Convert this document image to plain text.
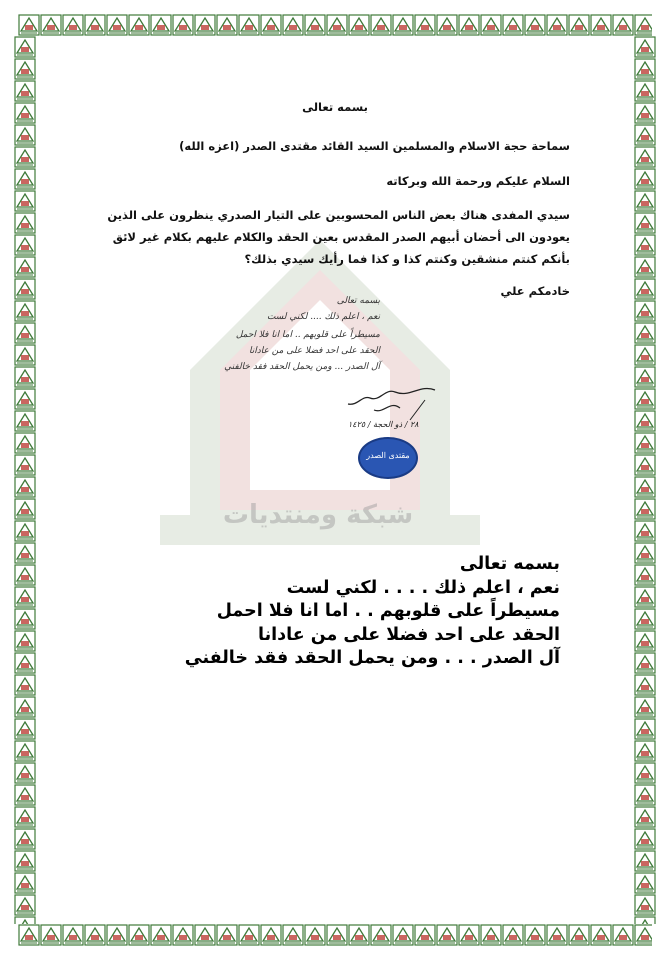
شبكة ومنتديات
بسمه تعالى
سماحة حجة الاسلام والمسلمين السيد القائد مقتدى الصدر (اعزه الله)
السلام عليكم ورحمة الله وبركاته
سيدي المفدى هناك بعض الناس المحسوبين على التيار الصدري ينظرون على الذين
يعودون الى أحضان أبيهم الصدر المقدس بعين الحقد والكلام عليهم بكلام غير لائق
بأنكم كنتم منشقين وكنتم كذا و كذا فما رأيك سيدي بذلك؟
خادمكم علي
بسمه تعالى
نعم ، اعلم ذلك .... لكني لست
مسيطراً على قلوبهم .. اما انا فلا احمل
الحقد على احد فضلا على من عادانا
آل الصدر ... ومن يحمل الحقد فقد خالفني
٢٨ / ذو الحجة / ١٤٢٥
مقتدى الصدر
بسمه تعالى
نعم ، اعلم ذلك . . . . لكني لست
مسيطراً على قلوبهم . . اما انا فلا احمل
الحقد على احد فضلا على من عادانا
آل الصدر . . . ومن يحمل الحقد فقد خالفني
